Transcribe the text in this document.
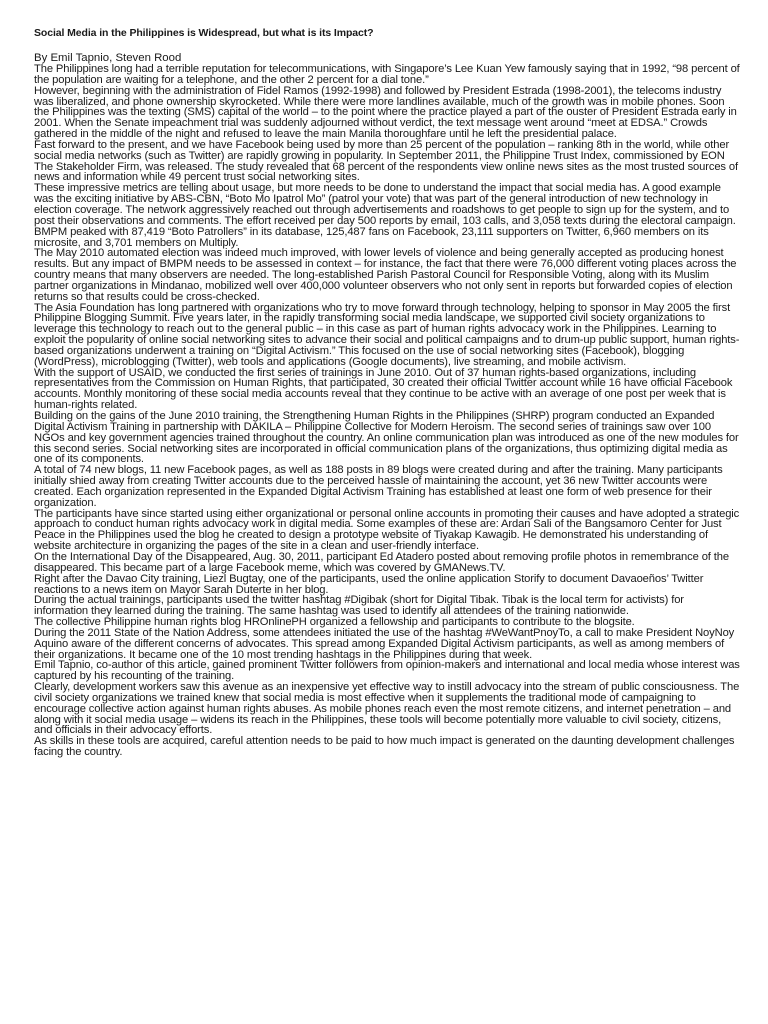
Social Media in the Philippines is Widespread, but what is its Impact?

By Emil Tapnio, Steven Rood

The Philippines long had a terrible reputation for telecommunications, with Singapore’s Lee Kuan Yew famously saying that in 1992, “98 percent of the population are waiting for a telephone, and the other 2 percent for a dial tone.”

However, beginning with the administration of Fidel Ramos (1992-1998) and followed by President Estrada (1998-2001), the telecoms industry was liberalized, and phone ownership skyrocketed. While there were more landlines available, much of the growth was in mobile phones. Soon the Philippines was the texting (SMS) capital of the world – to the point where the practice played a part of the ouster of President Estrada early in 2001. When the Senate impeachment trial was suddenly adjourned without verdict, the text message went around “meet at EDSA.” Crowds gathered in the middle of the night and refused to leave the main Manila thoroughfare until he left the presidential palace.

Fast forward to the present, and we have Facebook being used by more than 25 percent of the population – ranking 8th in the world, while other social media networks (such as Twitter) are rapidly growing in popularity. In September 2011, the Philippine Trust Index, commissioned by EON The Stakeholder Firm, was released. The study revealed that 68 percent of the respondents view online news sites as the most trusted sources of news and information while 49 percent trust social networking sites.

These impressive metrics are telling about usage, but more needs to be done to understand the impact that social media has. A good example was the exciting initiative by ABS-CBN, “Boto Mo Ipatrol Mo” (patrol your vote) that was part of the general introduction of new technology in election coverage. The network aggressively reached out through advertisements and roadshows to get people to sign up for the system, and to post their observations and comments. The effort received per day 500 reports by email, 103 calls, and 3,058 texts during the electoral campaign. BMPM peaked with 87,419 “Boto Patrollers” in its database, 125,487 fans on Facebook, 23,111 supporters on Twitter, 6,960 members on its microsite, and 3,701 members on Multiply.

The May 2010 automated election was indeed much improved, with lower levels of violence and being generally accepted as producing honest results. But any impact of BMPM needs to be assessed in context – for instance, the fact that there were 76,000 different voting places across the country means that many observers are needed. The long-established Parish Pastoral Council for Responsible Voting, along with its Muslim partner organizations in Mindanao, mobilized well over 400,000 volunteer observers who not only sent in reports but forwarded copies of election returns so that results could be cross-checked.

The Asia Foundation has long partnered with organizations who try to move forward through technology, helping to sponsor in May 2005 the first Philippine Blogging Summit. Five years later, in the rapidly transforming social media landscape, we supported civil society organizations to leverage this technology to reach out to the general public – in this case as part of human rights advocacy work in the Philippines. Learning to exploit the popularity of online social networking sites to advance their social and political campaigns and to drum-up public support, human rights-based organizations underwent a training on “Digital Activism.” This focused on the use of social networking sites (Facebook), blogging (WordPress), microblogging (Twitter), web tools and applications (Google documents), live streaming, and mobile activism.

With the support of USAID, we conducted the first series of trainings in June 2010. Out of 37 human rights-based organizations, including representatives from the Commission on Human Rights, that participated, 30 created their official Twitter account while 16 have official Facebook accounts. Monthly monitoring of these social media accounts reveal that they continue to be active with an average of one post per week that is human-rights related.

Building on the gains of the June 2010 training, the Strengthening Human Rights in the Philippines (SHRP) program conducted an Expanded Digital Activism Training in partnership with DAKILA – Philippine Collective for Modern Heroism. The second series of trainings saw over 100 NGOs and key government agencies trained throughout the country. An online communication plan was introduced as one of the new modules for this second series. Social networking sites are incorporated in official communication plans of the organizations, thus optimizing digital media as one of its components.

A total of 74 new blogs, 11 new Facebook pages, as well as 188 posts in 89 blogs were created during and after the training. Many participants initially shied away from creating Twitter accounts due to the perceived hassle of maintaining the account, yet 36 new Twitter accounts were created. Each organization represented in the Expanded Digital Activism Training has established at least one form of web presence for their organization.

The participants have since started using either organizational or personal online accounts in promoting their causes and have adopted a strategic approach to conduct human rights advocacy work in digital media. Some examples of these are: Ardan Sali of the Bangsamoro Center for Just Peace in the Philippines used the blog he created to design a prototype website of Tiyakap Kawagib. He demonstrated his understanding of website architecture in organizing the pages of the site in a clean and user-friendly interface.

On the International Day of the Disappeared, Aug. 30, 2011, participant Ed Atadero posted about removing profile photos in remembrance of the disappeared. This became part of a large Facebook meme, which was covered by GMANews.TV.

Right after the Davao City training, Liezl Bugtay, one of the participants, used the online application Storify to document Davaoeños’ Twitter reactions to a news item on Mayor Sarah Duterte in her blog.

During the actual trainings, participants used the twitter hashtag #Digibak (short for Digital Tibak. Tibak is the local term for activists) for information they learned during the training. The same hashtag was used to identify all attendees of the training nationwide.

The collective Philippine human rights blog HROnlinePH organized a fellowship and participants to contribute to the blogsite.

During the 2011 State of the Nation Address, some attendees initiated the use of the hashtag #WeWantPnoyTo, a call to make President NoyNoy Aquino aware of the different concerns of advocates. This spread among Expanded Digital Activism participants, as well as among members of their organizations. It became one of the 10 most trending hashtags in the Philippines during that week.

Emil Tapnio, co-author of this article, gained prominent Twitter followers from opinion-makers and international and local media whose interest was captured by his recounting of the training.

Clearly, development workers saw this avenue as an inexpensive yet effective way to instill advocacy into the stream of public consciousness. The civil society organizations we trained knew that social media is most effective when it supplements the traditional mode of campaigning to encourage collective action against human rights abuses. As mobile phones reach even the most remote citizens, and internet penetration – and along with it social media usage – widens its reach in the Philippines, these tools will become potentially more valuable to civil society, citizens, and officials in their advocacy efforts.

As skills in these tools are acquired, careful attention needs to be paid to how much impact is generated on the daunting development challenges facing the country.
